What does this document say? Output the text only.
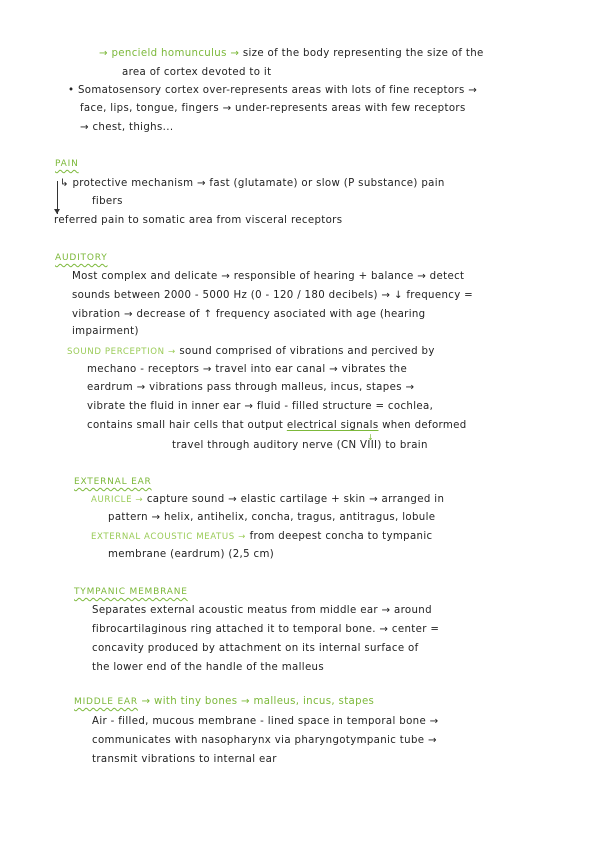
→ pencield homunculus → size of the body representing the size of the
area of cortex devoted to it
• Somatosensory cortex over-represents areas with lots of fine receptors →
face, lips, tongue, fingers → under-represents areas with few receptors
→ chest, thighs...
PAIN
↳ protective mechanism → fast (glutamate) or slow (P substance) pain
fibers
referred pain to somatic area from visceral receptors
AUDITORY
Most complex and delicate → responsible of hearing + balance → detect
sounds between 2000 - 5000 Hz (0 - 120 / 180 decibels) → ↓ frequency =
vibration → decrease of ↑ frequency asociated with age (hearing
impairment)
SOUND PERCEPTION → sound comprised of vibrations and percived by
mechano - receptors → travel into ear canal → vibrates the
eardrum → vibrations pass through malleus, incus, stapes →
vibrate the fluid in inner ear → fluid - filled structure = cochlea,
contains small hair cells that output electrical signals when deformed
↓
travel through auditory nerve (CN VIII) to brain
EXTERNAL EAR
AURICLE → capture sound → elastic cartilage + skin → arranged in
pattern → helix, antihelix, concha, tragus, antitragus, lobule
EXTERNAL ACOUSTIC MEATUS → from deepest concha to tympanic
membrane (eardrum) (2,5 cm)
TYMPANIC MEMBRANE
Separates external acoustic meatus from middle ear → around
fibrocartilaginous ring attached it to temporal bone. → center =
concavity produced by attachment on its internal surface of
the lower end of the handle of the malleus
MIDDLE EAR → with tiny bones → malleus, incus, stapes
Air - filled, mucous membrane - lined space in temporal bone →
communicates with nasopharynx via pharyngotympanic tube →
transmit vibrations to internal ear
